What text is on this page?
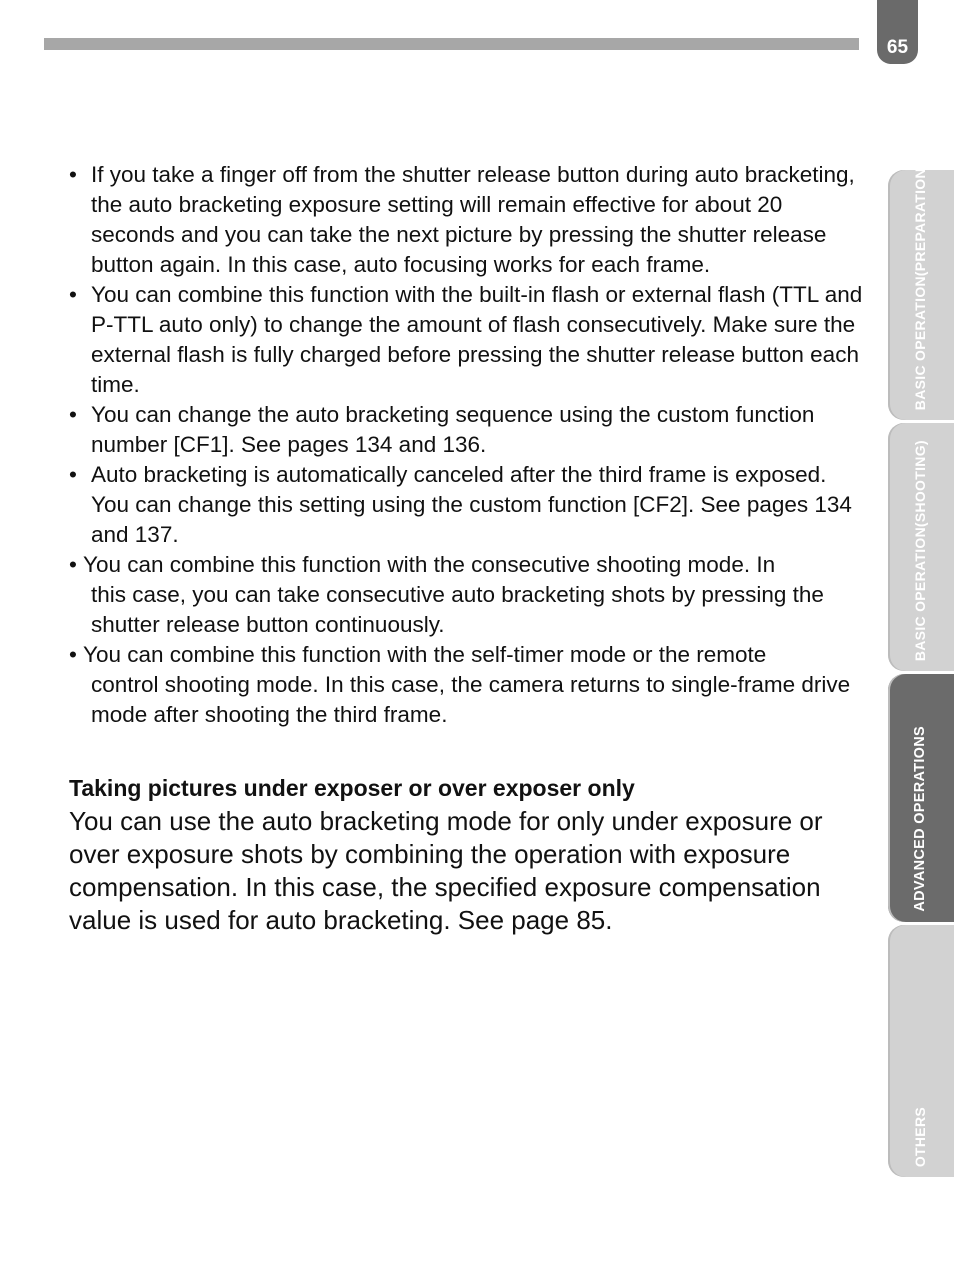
65
• If you take a finger off from the shutter release button during auto bracketing, the auto bracketing exposure setting will remain effective for about 20 seconds and you can take the next picture by pressing the shutter release button again. In this case, auto focusing works for each frame.
• You can combine this function with the built-in flash or external flash (TTL and P-TTL auto only) to change the amount of flash consecutively. Make sure the external flash is fully charged before pressing the shutter release button each time.
• You can change the auto bracketing sequence using the custom function number [CF1]. See pages 134 and 136.
• Auto bracketing is automatically canceled after the third frame is exposed. You can change this setting using the custom function [CF2]. See pages 134 and 137.
• You can combine this function with the consecutive shooting mode. In
this case, you can take consecutive auto bracketing shots by pressing the shutter release button continuously.
• You can combine this function with the self-timer mode or the remote
control shooting mode. In this case, the camera returns to single-frame drive mode after shooting the third frame.
Taking pictures under exposer or over exposer only
You can use the auto bracketing mode for only under exposure or over exposure shots by combining the operation with exposure compensation. In this case, the specified exposure compensation value is used for auto bracketing. See page 85.
BASIC OPERATION
(PREPARATION)
BASIC OPERATION
(SHOOTING)
ADVANCED OPERATIONS
OTHERS
